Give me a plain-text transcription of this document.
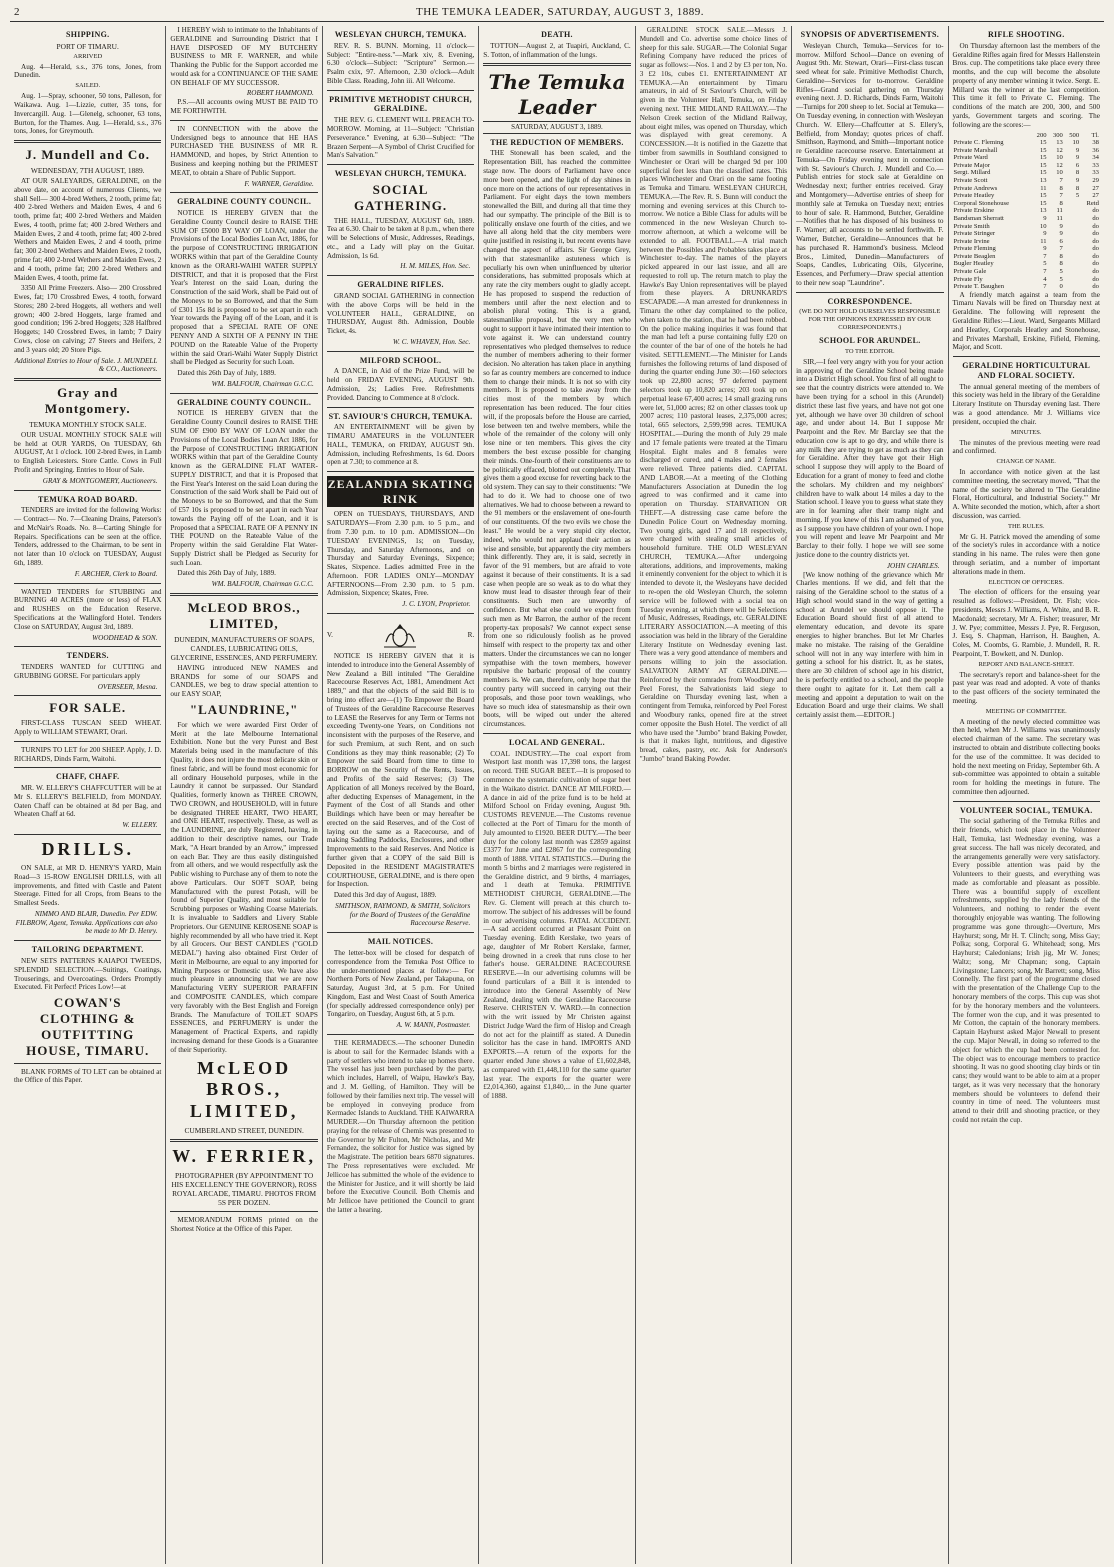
2	THE TEMUKA LEADER, SATURDAY, AUGUST 3, 1889.
SHIPPING.
PORT OF TIMARU.
ARRIVED

Aug. 4—Herald, s.s., 376 tons, Jones, from Dunedin.

SAILED.

Aug. 1—Spray, schooner, 50 tons, Palleson, for Waikawa. Aug. 1—Lizzie, cutter, 35 tons, for Invercargill. Aug. 1—Glenelg, schooner, 63 tons, Burton, for the Thames. Aug. 1—Herald, s.s., 376 tons, Jones, for Greymouth.

J. Mundell and Co.
WEDNESDAY, 7TH AUGUST, 1889.

AT OUR SALEYARDS, GERALDINE, on the above date, on account of numerous Clients, we shall Sell— 300 4-bred Wethers, 2 tooth, prime fat; 400 2-bred Wethers and Maiden Ewes, 4 and 6 tooth, prime fat; 400 2-bred Wethers and Maiden Ewes, 4 tooth, prime fat; 400 2-bred Wethers and Maiden Ewes, 2 and 4 tooth, prime fat; 400 2-bred Wethers and Maiden Ewes, 2 and 4 tooth, prime fat; 300 2-bred Wethers and Maiden Ewes, 2 tooth, prime fat; 400 2-bred Wethers and Maiden Ewes, 2 and 4 tooth, prime fat; 200 2-bred Wethers and Maiden Ewes, 4 tooth, prime fat.

3350 All Prime Freezers. Also— 200 Crossbred Ewes, fat; 170 Crossbred Ewes, 4 tooth, forward Stores; 280 2-bred Hoggets, all wethers and well grown; 400 2-bred Hoggets, large framed and good condition; 196 2-bred Hoggets; 328 Halfbred Hoggets; 140 Crossbred Ewes, in lamb; 7 Dairy Cows, close on calving; 27 Steers and Heifers, 2 and 3 years old; 20 Store Pigs.

Additional Entries to Hour of Sale. J. MUNDELL & CO., Auctioneers.
Gray and Montgomery.
TEMUKA MONTHLY STOCK SALE.

OUR USUAL MONTHLY STOCK SALE will be held at OUR YARDS, On TUESDAY, 6th AUGUST, At 1 o'clock. 100 2-bred Ewes, in Lamb to English Leicesters. Store Cattle. Cows in Full Profit and Springing. Entries to Hour of Sale.

GRAY & MONTGOMERY, Auctioneers.
TEMUKA ROAD BOARD.

TENDERS are invited for the following Works:— Contract— No. 7—Cleaning Drains, Paterson's and McNair's Roads. No. 8—Carting Shingle for Repairs. Specifications can be seen at the office. Tenders, addressed to the Chairman, to be sent in not later than 10 o'clock on TUESDAY, August 6th, 1889.

F. ARCHER, Clerk to Board.

WANTED TENDERS for STUBBING and BURNING 40 ACRES (more or less) of FLAX and RUSHES on the Education Reserve. Specifications at the Wallingford Hotel. Tenders Close on SATURDAY, August 3rd, 1889.

WOODHEAD & SON.
TENDERS.

TENDERS WANTED for CUTTING and GRUBBING GORSE. For particulars apply

OVERSEER, Mesna.
FOR SALE.

FIRST-CLASS TUSCAN SEED WHEAT. Apply to WILLIAM STEWART, Orari.

TURNIPS TO LET for 200 SHEEP. Apply, J. D. RICHARDS, Dinds Farm, Waitohi.

CHAFF, CHAFF.

MR. W. ELLERY'S CHAFFCUTTER will be at Mr S. ELLERY'S BELFIELD, from MONDAY. Oaten Chaff can be obtained at 8d per Bag, and Wheaten Chaff at 6d.

W. ELLERY.
DRILLS.

ON SALE, at MR D. HENRY'S YARD, Main Road—3 15-ROW ENGLISH DRILLS, with all improvements, and fitted with Castle and Patent Steerage. Fitted for all Crops, from Beans to the Smallest Seeds.

NIMMO AND BLAIR, Dunedin. Per EDW. FILBROW, Agent, Temuka. Applications can also be made to Mr D. Henry.
TAILORING DEPARTMENT.

NEW SETS PATTERNS KAIAPOI TWEEDS, SPLENDID SELECTION.—Suitings, Coatings, Trouserings, and Overcoatings. Orders Promptly Executed. Fit Perfect! Prices Low!—at

COWAN'S CLOTHING & OUTFITTING HOUSE, TIMARU.

BLANK FORMS of TO LET can be obtained at the Office of this Paper.

I HEREBY wish to intimate to the Inhabitants of GERALDINE and Surrounding District that I HAVE DISPOSED OF MY BUTCHERY BUSINESS to MR F. WARNER, and while Thanking the Public for the Support accorded me would ask for a CONTINUANCE OF THE SAME ON BEHALF OF MY SUCCESSOR.

ROBERT HAMMOND.

P.S.—All accounts owing MUST BE PAID TO ME FORTHWITH.

IN CONNECTION with the above the Undersigned begs to announce that HE HAS PURCHASED THE BUSINESS of MR R. HAMMOND, and hopes, by Strict Attention to Business and keeping nothing but the PRIMEST MEAT, to obtain a Share of Public Support.

F. WARNER, Geraldine.
GERALDINE COUNTY COUNCIL.

NOTICE IS HEREBY GIVEN that the Geraldine County Council desire to RAISE THE SUM OF £5000 BY WAY OF LOAN, under the Provisions of the Local Bodies Loan Act, 1886, for the purpose of CONSTRUCTING IRRIGATION WORKS within that part of the Geraldine County known as the ORARI-WAIHI WATER SUPPLY DISTRICT, and that it is proposed that the First Year's Interest on the said Loan, during the Construction of the said Work, shall be Paid out of the Moneys to be so Borrowed, and that the Sum of £301 15s 8d is proposed to be set apart in each Year towards the Paying off of the Loan, and it is proposed that a SPECIAL RATE OF ONE PENNY AND A SIXTH OF A PENNY IN THE POUND on the Rateable Value of the Property within the said Orari-Waihi Water Supply District shall be Pledged as Security for such Loan.

Dated this 26th Day of July, 1889.

WM. BALFOUR, Chairman G.C.C.
GERALDINE COUNTY COUNCIL.

NOTICE IS HEREBY GIVEN that the Geraldine County Council desires to RAISE THE SUM OF £900 BY WAY OF LOAN under the Provisions of the Local Bodies Loan Act 1886, for the Purpose of CONSTRUCTING IRRIGATION WORKS within that part of the Geraldine County known as the GERALDINE FLAT WATER-SUPPLY DISTRICT, and that it is Proposed that the First Year's Interest on the said Loan during the Construction of the said Work shall be Paid out of the Moneys to be so Borrowed, and that the Sum of £57 10s is proposed to be set apart in each Year towards the Paying off of the Loan, and it is Proposed that a SPECIAL RATE OF A PENNY IN THE POUND on the Rateable Value of the Property within the said Geraldine Flat Water-Supply District shall be Pledged as Security for such Loan.

Dated this 26th Day of July, 1889.

WM. BALFOUR, Chairman G.C.C.
McLEOD BROS., LIMITED,
DUNEDIN, MANUFACTURERS OF SOAPS, CANDLES, LUBRICATING OILS, GLYCERINE, ESSENCES, AND PERFUMERY.

HAVING introduced NEW NAMES and BRANDS for some of our SOAPS and CANDLES, we beg to draw special attention to our EASY SOAP,

"LAUNDRINE,"

For which we were awarded First Order of Merit at the late Melbourne International Exhibition. None but the very Purest and Best Materials being used in the manufacture of this Quality, it does not injure the most delicate skin or finest fabric, and will be found most economic for all ordinary Household purposes, while in the Laundry it cannot be surpassed. Our Standard Qualities, formerly known as THREE CROWN, TWO CROWN, and HOUSEHOLD, will in future be designated THREE HEART, TWO HEART, and ONE HEART, respectively. These, as well as the LAUNDRINE, are duly Registered, having, in addition to their descriptive names, our Trade Mark, "A Heart branded by an Arrow," impressed on each Bar. They are thus easily distinguished from all others, and we would respectfully ask the Public wishing to Purchase any of them to note the above Particulars. Our SOFT SOAP, being Manufactured with the purest Potash, will be found of Superior Quality, and most suitable for Scrubbing purposes or Washing Coarse Materials. It is invaluable to Saddlers and Livery Stable Proprietors. Our GENUINE KEROSENE SOAP is highly recommended by all who have tried it. Kept by all Grocers. Our BEST CANDLES ("GOLD MEDAL") having also obtained First Order of Merit in Melbourne, are equal to any imported for Mining Purposes or Domestic use. We have also much pleasure in announcing that we are now Manufacturing VERY SUPERIOR PARAFFIN and COMPOSITE CANDLES, which compare very favorably with the Best English and Foreign Brands. The Manufacture of TOILET SOAPS ESSENCES, and PERFUMERY is under the Management of Practical Experts, and rapidly increasing demand for these Goods is a Guarantee of their Superiority.

McLEOD BROS., LIMITED,
CUMBERLAND STREET, DUNEDIN.
W. FERRIER,
PHOTOGRAPHER (BY APPOINTMENT TO HIS EXCELLENCY THE GOVERNOR), ROSS ROYAL ARCADE, TIMARU. PHOTOS FROM 5S PER DOZEN.

MEMORANDUM FORMS printed on the Shortest Notice at the Office of this Paper.

WESLEYAN CHURCH, TEMUKA.

REV. R. S. BUNN. Morning, 11 o'clock—Subject: "Entire-ness."—Mark xiv, 8. Evening, 6.30 o'clock—Subject: "Scripture" Sermon.—Psalm cxix, 97. Afternoon, 2.30 o'clock—Adult Bible Class. Reading, John iii. All Welcome.

PRIMITIVE METHODIST CHURCH, GERALDINE.

THE REV. G. CLEMENT WILL PREACH TO-MORROW. Morning, at 11—Subject: "Christian Perseverance." Evening, at 6.30—Subject: "The Brazen Serpent—A Symbol of Christ Crucified for Man's Salvation."

WESLEYAN CHURCH, TEMUKA.
SOCIAL GATHERING.

THE HALL, TUESDAY, AUGUST 6th, 1889. Tea at 6.30. Chair to be taken at 8 p.m., when there will be Selections of Music, Addresses, Readings, etc., and a Lady will play on the Guitar. Admission, 1s 6d.

H. M. MILES, Hon. Sec.
GERALDINE RIFLES.

GRAND SOCIAL GATHERING in connection with the above Corps will be held in the VOLUNTEER HALL, GERALDINE, on THURSDAY, August 8th. Admission, Double Ticket, 4s.

W. C. WHAVEN, Hon. Sec.
MILFORD SCHOOL.

A DANCE, in Aid of the Prize Fund, will be held on FRIDAY EVENING, AUGUST 9th. Admission, 2s; Ladies Free. Refreshments Provided. Dancing to Commence at 8 o'clock.

ST. SAVIOUR'S CHURCH, TEMUKA.

AN ENTERTAINMENT will be given by TIMARU AMATEURS in the VOLUNTEER HALL, TEMUKA, on FRIDAY, AUGUST 9th. Admission, including Refreshments, 1s 6d. Doors open at 7.30; to commence at 8.

ZEALANDIA SKATING RINK

OPEN on TUESDAYS, THURSDAYS, AND SATURDAYS—From 2.30 p.m. to 5 p.m., and from 7.30 p.m. to 10 p.m. ADMISSION—On TUESDAY EVENINGS, 1s; on Tuesday, Thursday, and Saturday Afternoons, and on Thursday and Saturday Evenings, Sixpence; Skates, Sixpence. Ladies admitted Free in the Afternoon. FOR LADIES ONLY—MONDAY AFTERNOONS—From 2.30 p.m. to 5 p.m. Admission, Sixpence; Skates, Free.

J. C. LYON, Proprietor.
V.	R.

NOTICE IS HEREBY GIVEN that it is intended to introduce into the General Assembly of New Zealand a Bill intituled "The Geraldine Racecourse Reserves Act, 1881, Amendment Act 1889," and that the objects of the said Bill is to bring into effect are—(1) To Empower the Board of Trustees of the Geraldine Racecourse Reserves to LEASE the Reserves for any Term or Terms not exceeding Twenty-one Years, on Conditions not inconsistent with the purposes of the Reserve, and for such Premium, at such Rent, and on such Conditions as they may think reasonable; (2) To Empower the said Board from time to time to BORROW on the Security of the Rents, Issues, and Profits of the said Reserves; (3) The Application of all Moneys received by the Board, after deducting Expenses of Management, in the Payment of the Cost of all Stands and other Buildings which have been or may hereafter be erected on the said Reserves, and of the Cost of laying out the same as a Racecourse, and of making Saddling Paddocks, Enclosures, and other Improvements to the said Reserves. And Notice is further given that a COPY of the said Bill is Deposited in the RESIDENT MAGISTRATE'S COURTHOUSE, GERALDINE, and is there open for Inspection.

Dated this 3rd day of August, 1889.

SMITHSON, RAYMOND, & SMITH, Solicitors for the Board of Trustees of the Geraldine Racecourse Reserve.
MAIL NOTICES.

The letter-box will be closed for despatch of correspondence from the Temuka Post Office to the under-mentioned places at follow:— For Northern Ports of New Zealand, per Takapuna, on Saturday, August 3rd, at 5 p.m. For United Kingdom, East and West Coast of South America (for specially addressed correspondence only) per Tongariro, on Tuesday, August 6th, at 5 p.m.

A. W. MANN, Postmaster.

THE KERMADECS.—The schooner Dunedin is about to sail for the Kermadec Islands with a party of settlers who intend to take up homes there. The vessel has just been purchased by the party, which includes, Harrell, of Waipu, Hawke's Bay, and J. M. Gelling, of Hamilton. They will be followed by their families next trip. The vessel will be employed in conveying produce from Kermadec Islands to Auckland. THE KAIWARRA MURDER.—On Thursday afternoon the petition praying for the release of Chemis was presented to the Governor by Mr Fulton, Mr Nicholas, and Mr Fernandez, the solicitor for Justice was signed by the Magistrate. The petition bears 6870 signatures. The Press representatives were excluded. Mr Jellicoe has submitted the whole of the evidence to the Minister for Justice, and it will shortly be laid before the Executive Council. Both Chemis and Mr Jellicoe have petitioned the Council to grant the latter a hearing.

DEATH.

TOTTON—August 2, at Tuapiri, Auckland, C. S. Totton, of inflammation of the lungs.

The Temuka Leader
SATURDAY, AUGUST 3, 1889.
THE REDUCTION OF MEMBERS.

THE Stonewall has been scaled, and the Representation Bill, has reached the committee stage now. The doors of Parliament have once more been opened, and the light of day shines in once more on the actions of our representatives in Parliament. For eight days the town members stonewalled the Bill, and during all that time they had our sympathy. The principle of the Bill is to politically enslave one fourth of the cities, and we have all along held that the city members were quite justified in resisting it, but recent events have changed the aspect of affairs. Sir George Grey, with that statesmanlike astuteness which is peculiarly his own when uninfluenced by ulterior considerations, has submitted proposals which at any rate the city members ought to gladly accept. He has proposed to suspend the reduction of members until after the next election and to abolish plural voting. This is a grand, statesmanlike proposal, but the very men who ought to support it have intimated their intention to vote against it. We can understand country representatives who pledged themselves to reduce the number of members adhering to their former decision. No alteration has taken place in anything so far as country members are concerned to induce them to change their minds. It is not so with city members. It is proposed to take away from the cities most of the members by which representation has been reduced. The four cities will, if the proposals before the House are carried, lose between ten and twelve members, while the whole of the remainder of the colony will only lose nine or ten members. This gives the city members the best excuse possible for changing their minds. One-fourth of their constituents are to be politically effaced, blotted out completely. That gives them a good excuse for reverting back to the old system. They can say to their constituents: "We had to do it. We had to choose one of two alternatives. We had to choose between a reward to the 91 members or the enslavement of one-fourth of our constituents. Of the two evils we chose the least." He would be a very stupid city elector, indeed, who would not applaud their action as wise and sensible, but apparently the city members think differently. They are, it is said, secretly in favor of the 91 members, but are afraid to vote against it because of their constituents. It is a sad case when people are so weak as to do what they know must lead to disaster through fear of their constituents. Such men are unworthy of confidence. But what else could we expect from such men as Mr Barron, the author of the recent property-tax proposals? We cannot expect sense from one so ridiculously foolish as he proved himself with respect to the property tax and other matters. Under the circumstances we can no longer sympathise with the town members, however repulsive the barbaric proposal of the country members is. We can, therefore, only hope that the country party will succeed in carrying out their proposals, and those poor town weaklings, who have so much idea of statesmanship as their own boots, will be wiped out under the altered circumstances.

LOCAL AND GENERAL.

COAL INDUSTRY.—The coal export from Westport last month was 17,398 tons, the largest on record. THE SUGAR BEET.—It is proposed to commence the systematic cultivation of sugar beet in the Waikato district. DANCE AT MILFORD.—A dance in aid of the prize fund is to be held at Milford School on Friday evening, August 9th. CUSTOMS REVENUE.—The Customs revenue collected at the Port of Timaru for the month of July amounted to £1920. BEER DUTY.—The beer duty for the colony last month was £2859 against £3377 for June and £2867 for the corresponding month of 1888. VITAL STATISTICS.—During the month 5 births and 2 marriages were registered in the Geraldine district, and 9 births, 4 marriages, and 1 death at Temuka. PRIMITIVE METHODIST CHURCH, GERALDINE.—The Rev. G. Clement will preach at this church to-morrow. The subject of his addresses will be found in our advertising columns. FATAL ACCIDENT.—A sad accident occurred at Pleasant Point on Tuesday evening. Edith Kerslake, two years of age, daughter of Mr Robert Kerslake, farmer, being drowned in a creek that runs close to her father's house. GERALDINE RACECOURSE RESERVE.—In our advertising columns will be found particulars of a Bill it is intended to introduce into the General Assembly of New Zealand, dealing with the Geraldine Racecourse Reserve. CHRISTEN V. WARD.—In connection with the writ issued by Mr Christen against District Judge Ward the firm of Hislop and Creagh do not act for the plaintiff as stated. A Dunedin solicitor has the case in hand. IMPORTS AND EXPORTS.—A return of the exports for the quarter ended June shows a value of £1,602,848, as compared with £1,448,110 for the same quarter last year. The exports for the quarter were £2,014,360, against £1,840,... in the June quarter of 1888.

GERALDINE STOCK SALE.—Messrs J. Mundell and Co. advertise some choice lines of sheep for this sale. SUGAR.—The Colonial Sugar Refining Company have reduced the prices of sugar as follows:—Nos. 1 and 2 by £3 per ton, No. 3 £2 10s, cubes £1. ENTERTAINMENT AT TEMUKA.—An entertainment by Timaru amateurs, in aid of St Saviour's Church, will be given in the Volunteer Hall, Temuka, on Friday evening next. THE MIDLAND RAILWAY.—The Nelson Creek section of the Midland Railway, about eight miles, was opened on Thursday, which was displayed with great ceremony. A CONCESSION.—It is notified in the Gazette that timber from sawmills in Southland consigned to Winchester or Orari will be charged 9d per 100 superficial feet less than the classified rates. This places Winchester and Orari on the same footing as Temuka and Timaru. WESLEYAN CHURCH, TEMUKA.—The Rev. R. S. Bunn will conduct the morning and evening services at this Church to-morrow. We notice a Bible Class for adults will be commenced in the new Wesleyan Church to-morrow afternoon, at which a welcome will be extended to all. FOOTBALL.—A trial match between the Possibles and Probables takes place at Winchester to-day. The names of the players picked appeared in our last issue, and all are requested to roll up. The return match to play the Hawke's Bay Union representatives will be played from these players. A DRUNKARD'S ESCAPADE.—A man arrested for drunkenness in Timaru the other day complained to the police, when taken to the station, that he had been robbed. On the police making inquiries it was found that the man had left a purse containing fully £20 on the counter of the bar of one of the hotels he had visited. SETTLEMENT.—The Minister for Lands furnishes the following returns of land disposed of during the quarter ending June 30:—160 selectors took up 22,800 acres; 97 deferred payment selectors took up 10,820 acres; 203 took up on perpetual lease 67,400 acres; 14 small grazing runs were let, 51,000 acres; 82 on other classes took up 2007 acres; 110 pastoral leases, 2,375,000 acres; total, 665 selectors, 2,599,998 acres. TEMUKA HOSPITAL.—During the month of July 29 male and 17 female patients were treated at the Timaru Hospital. Eight males and 8 females were discharged or cured, and 4 males and 2 females were relieved. Three patients died. CAPITAL AND LABOR.—At a meeting of the Clothing Manufacturers Association at Dunedin the log agreed to was confirmed and it came into operation on Thursday. STARVATION OR THEFT.—A distressing case came before the Dunedin Police Court on Wednesday morning. Two young girls, aged 17 and 18 respectively, were charged with stealing small articles of household furniture. THE OLD WESLEYAN CHURCH, TEMUKA.—After undergoing alterations, additions, and improvements, making it eminently convenient for the object to which it is intended to devote it, the Wesleyans have decided to re-open the old Wesleyan Church, the solemn service will be followed with a social tea on Tuesday evening, at which there will be Selections of Music, Addresses, Readings, etc. GERALDINE LITERARY ASSOCIATION.—A meeting of this association was held in the library of the Geraldine Literary Institute on Wednesday evening last. There was a very good attendance of members and persons willing to join the association. SALVATION ARMY AT GERALDINE.—Reinforced by their comrades from Woodbury and Peel Forest, the Salvationists laid siege to Geraldine on Thursday evening last, when a contingent from Temuka, reinforced by Peel Forest and Woodbury ranks, opened fire at the street corner opposite the Bush Hotel. The verdict of all who have used the "Jumbo" brand Baking Powder, is that it makes light, nutritious, and digestive bread, cakes, pastry, etc. Ask for Anderson's "Jumbo" brand Baking Powder.

SYNOPSIS OF ADVERTISEMENTS.

Wesleyan Church, Temuka—Services for to-morrow. Milford School—Dance on evening of August 9th. Mr. Stewart, Orari—First-class tuscan seed wheat for sale. Primitive Methodist Church, Geraldine—Services for to-morrow. Geraldine Rifles—Grand social gathering on Thursday evening next. J. D. Richards, Dinds Farm, Waitohi—Turnips for 200 sheep to let. Social at Temuka—On Tuesday evening, in connection with Wesleyan Church. W. Ellery—Chaffcutter at S. Ellery's, Belfield, from Monday; quotes prices of chaff. Smithson, Raymond, and Smith—Important notice re Geraldine racecourse reserve. Entertainment at Temuka—On Friday evening next in connection with St. Saviour's Church. J. Mundell and Co.—Publish entries for stock sale at Geraldine on Wednesday next; further entries received. Gray and Montgomery—Advertise entries of sheep for monthly sale at Temuka on Tuesday next; entries to hour of sale. R. Hammond, Butcher, Geraldine—Notifies that he has disposed of his business to F. Warner; all accounts to be settled forthwith. F. Warner, Butcher, Geraldine—Announces that he has purchased R. Hammond's business. Mcleod Bros., Limited, Dunedin—Manufacturers of Soaps, Candles, Lubricating Oils, Glycerine, Essences, and Perfumery—Draw special attention to their new soap "Laundrine".

CORRESPONDENCE.
(WE DO NOT HOLD OURSELVES RESPONSIBLE FOR THE OPINIONS EXPRESSED BY OUR CORRESPONDENTS.)
SCHOOL FOR ARUNDEL.
TO THE EDITOR.

SIR,—I feel very angry with you for your action in approving of the Geraldine School being made into a District High school. You first of all ought to see that the country districts were attended to. We have been trying for a school in this (Arundel) district these last five years, and have not got one yet, although we have over 30 children of school age, and under about 14. But I suppose Mr Pearpoint and the Rev. Mr Barclay see that the education cow is apt to go dry, and while there is any milk they are trying to get as much as they can for Geraldine. After they have got their High school I suppose they will apply to the Board of Education for a grant of money to feed and clothe the scholars. My children and my neighbors' children have to walk about 14 miles a day to the Station school. I leave you to guess what state they are in for learning after their tramp night and morning. If you knew of this I am ashamed of you, as I suppose you have children of your own. I hope you will repent and leave Mr Pearpoint and Mr Barclay to their folly. I hope we will see some justice done to the country districts yet.

JOHN CHARLES.

[We know nothing of the grievance which Mr Charles mentions. If we did, and felt that the raising of the Geraldine school to the status of a High school would stand in the way of getting a school at Arundel we should oppose it. The Education Board should first of all attend to elementary education, and devote its spare energies to higher branches. But let Mr Charles make no mistake. The raising of the Geraldine school will not in any way interfere with him in getting a school for his district. It, as he states, there are 30 children of school age in his district, he is perfectly entitled to a school, and the people there ought to agitate for it. Let them call a meeting and appoint a deputation to wait on the Education Board and urge their claims. We shall certainly assist them.—EDITOR.]

RIFLE SHOOTING.

On Thursday afternoon last the members of the Geraldine Rifles again fired for Messrs Hallenstein Bros. cup. The competitions take place every three months, and the cup will become the absolute property of any member winning it twice. Sergt. E. Millard was the winner at the last competition. This time it fell to Private C. Fleming. The conditions of the match are 200, 300, and 500 yards, Government targets and scoring. The following are the scores:—

	200	300	500	Tl.
Private C. Fleming	15	13	10	38
Private Marshall	15	12	9	36
Private Ward	15	10	9	34
Private Major	15	12	6	33
Sergt. Millard	15	10	8	33
Private Scott	13	7	9	29
Private Andrews	11	8	8	27
Private Heatley	15	7	5	27
Corporal Stonehouse	15	8		Retd
Private Erskine	13	11		do
Bandsman Sherratt	9	11		do
Private Smith	10	9		do
Private Stringer	9	9		do
Private Irvine	11	6		do
Private Fleming	9	7		do
Private Beaglen	7	8		do
Bugler Heatley	5	8		do
Private Gale	7	5		do
Private Fly	4	5		do
Private T. Baughen	7	0		do

A friendly match against a team from the Timaru Navals will be fired on Thursday next at Geraldine. The following will represent the Geraldine Rifles:—Lieut. Ward, Sergeants Millard and Heatley, Corporals Heatley and Stonehouse, and Privates Marshall, Erskine, Fifield, Fleming, Major, and Scott.

GERALDINE HORTICULTURAL AND FLORAL SOCIETY.

The annual general meeting of the members of this society was held in the library of the Geraldine Literary Institute on Thursday evening last. There was a good attendance. Mr J. Williams vice president, occupied the chair.

MINUTES.

The minutes of the previous meeting were read and confirmed.

CHANGE OF NAME.

In accordance with notice given at the last committee meeting, the secretary moved, "That the name of the society be altered to 'The Geraldine Floral, Horticultural, and Industrial Society.'" Mr A. White seconded the motion, which, after a short discussion, was carried.

THE RULES.

Mr G. H. Patrick moved the amending of some of the society's rules in accordance with a notice standing in his name. The rules were then gone through seriatim, and a number of important alterations made in them.

ELECTION OF OFFICERS.

The election of officers for the ensuing year resulted as follows:—President, Dr. Fish; vice-presidents, Messrs J. Williams, A. White, and B. R. Macdonald; secretary, Mr A. Fisher; treasurer, Mr J. W. Pye; committee, Messrs J. Pye, R. Ferguson, J. Esq, S. Chapman, Harrison, H. Baughen, A. Coles, M. Coombs, G. Rambie, J. Mundell, R. R. Pearpoint, T. Bowkett, and N. Dunlop.

REPORT AND BALANCE-SHEET.

The secretary's report and balance-sheet for the past year was read and adopted. A vote of thanks to the past officers of the society terminated the meeting.

MEETING OF COMMITTEE.

A meeting of the newly elected committee was then held, when Mr J. Williams was unanimously elected chairman of the same. The secretary was instructed to obtain and distribute collecting books for the use of the committee. It was decided to hold the next meeting on Friday, September 6th. A sub-committee was appointed to obtain a suitable room for holding the meetings in future. The committee then adjourned.

VOLUNTEER SOCIAL, TEMUKA.

The social gathering of the Temuka Rifles and their friends, which took place in the Volunteer Hall, Temuka, last Wednesday evening, was a great success. The hall was nicely decorated, and the arrangements generally were very satisfactory. Every possible attention was paid by the Volunteers to their guests, and everything was made as comfortable and pleasant as possible. There was a bountiful supply of excellent refreshments, supplied by the lady friends of the Volunteers, and nothing to render the event thoroughly enjoyable was wanting. The following programme was gone through:—Overture, Mrs Hayhurst; song, Mr H. T. Clinch; song, Miss Gay; Polka; song, Corporal G. Whitehead; song, Mrs Hayhurst; Caledonians; Irish jig, Mr W. Jones; Waltz; song, Mr Chapman; song, Captain Livingstone; Lancers; song, Mr Barrett; song, Miss Connelly. The first part of the programme closed with the presentation of the Challenge Cup to the honorary members of the corps. This cup was shot for by the honorary members and the volunteers. The former won the cup, and it was presented to Mr Cotton, the captain of the honorary members. Captain Hayhurst asked Major Newall to present the cup. Major Newall, in doing so referred to the object for which the cup had been contested for. The object was to encourage members to practice shooting. It was no good shooting clay birds or tin cans; they would want to be able to aim at a proper target, as it was very necessary that the honorary members should be volunteers to defend their country in time of need. The volunteers must attend to their drill and shooting practice, or they could not retain the cup.
